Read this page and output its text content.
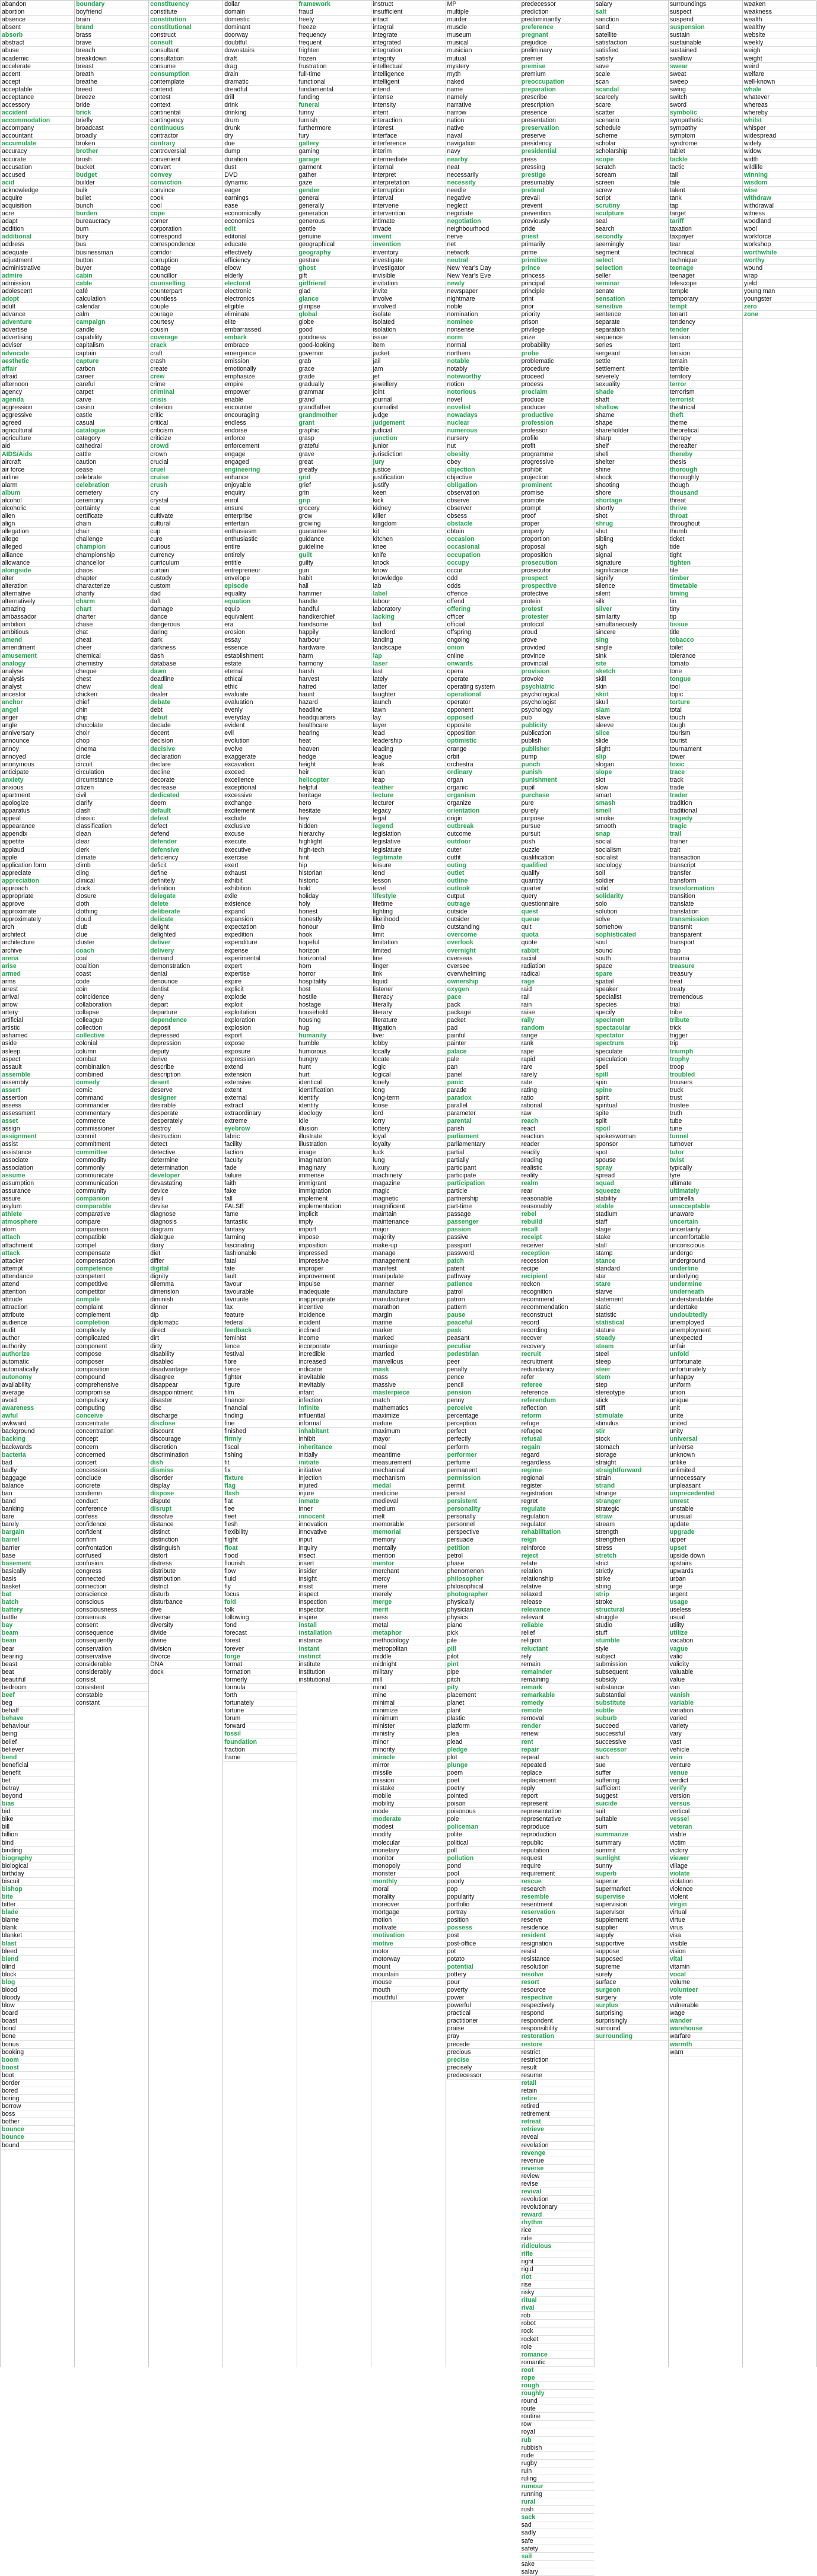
abandon
abortion
absence
absent
absorb
abstract
abuse
academic
accelerate
accent
accept
acceptable
acceptance
accessory
accident
accommodation
accompany
accountant
accumulate
accuracy
accurate
accusation
accused
acid
acknowledge
acquire
acquisition
acre
adapt
addition
additional
address
adequate
adjustment
administrative
admire
admission
adolescent
adopt
adult
advance
adventure
advertise
advertising
adviser
advocate
aesthetic
affair
afraid
afternoon
agency
agenda
aggression
aggressive
agreed
agricultural
agriculture
aid
AIDS/Aids
aircraft
air force
airline
alarm
album
alcohol
alcoholic
alien
align
allegation
allege
alleged
alliance
allowance
alongside
alter
alteration
alternative
alternatively
amazing
ambassador
ambition
ambitious
amend
amendment
amusement
analogy
analyse
analysis
analyst
ancestor
anchor
angel
anger
angle
anniversary
announce
annoy
annoyed
anonymous
anticipate
anxiety
anxious
apartment
apologize
apparatus
appeal
appearance
appendix
appetite
applaud
apple
application form
appreciate
appreciation
approach
appropriate
approve
approximate
approximately
arch
architect
architecture
archive
arena
arise
armed
arms
arrest
arrival
arrow
artery
artificial
artistic
ashamed
aside
asleep
aspect
assault
assemble
assembly
assert
assertion
assess
assessment
asset
assign
assignment
assist
assistance
associate
association
assume
assumption
assurance
assure
asylum
athlete
atmosphere
atom
attach
attachment
attack
attacker
attempt
attendance
attend
attention
attitude
attraction
attribute
audience
audit
author
authority
authorize
automatic
automatically
autonomy
availability
average
avoid
awareness
awful
awkward
background
backing
backwards
bacteria
bad
badly
baggage
balance
ban
band
banking
bare
barely
bargain
barrel
barrier
base
basement
basically
basis
basket
bat
batch
battery
battle
bay
beam
bean
bear
bearing
beast
beat
beautiful
bedroom
beef
beg
behalf
behave
behaviour
being
belief
believer
bend
beneficial
benefit
bet
betray
beyond
bias
bid
bike
bill
billion
bind
binding
biography
biological
birthday
biscuit
bishop
bite
bitter
blade
blame
blank
blanket
blast
bleed
blend
blind
block
blog
blood
bloody
blow
board
boast
bond
bone
bonus
booking
boom
boost
boot
border
bored
boring
borrow
boss
bother
bounce
bounce
bound
boundary
boyfriend
brain
brand
brass
brave
breach
breakdown
breast
breath
breathe
breed
breeze
bride
brick
briefly
broadcast
broadly
broken
brother
brush
bucket
budget
builder
bulk
bullet
bunch
burden
bureaucracy
burn
bury
bus
businessman
button
buyer
cabin
cable
café
calculation
calendar
calm
campaign
candle
capability
capitalism
captain
capture
carbon
career
careful
carpet
carve
casino
castle
casual
catalogue
category
cathedral
cattle
caution
cease
celebrate
celebration
cemetery
ceremony
certainty
certificate
chain
chair
challenge
champion
championship
chancellor
chaos
chapter
characterize
charity
charm
chart
charter
chase
chat
cheat
cheer
chemical
chemistry
cheque
chest
chew
chicken
chief
chin
chip
chocolate
choir
chop
cinema
circle
circuit
circulation
circumstance
citizen
civil
clarify
clash
classic
classification
clean
clear
clerk
climate
climb
cling
clinical
clock
closure
cloth
clothing
cloud
club
clue
cluster
coach
coal
coalition
coast
code
coin
coincidence
collaboration
collapse
colleague
collection
collective
colonial
column
combat
combination
combined
comedy
comic
command
commander
commentary
commerce
commissioner
commit
commitment
committee
commodity
commonly
communicate
communication
community
companion
comparable
comparative
compare
comparison
compatible
compel
compensate
compensation
competence
competent
competitive
competitor
compile
complaint
complement
completion
complexity
complicated
component
compose
composer
composition
compound
comprehensive
compromise
compulsory
computing
conceive
concentrate
concentration
concept
concern
concerned
concert
concession
conclude
concrete
condemn
conduct
conference
confess
confidence
confident
confirm
confrontation
confused
confusion
congress
connected
connection
conscience
conscious
consciousness
consensus
consent
consequence
consequently
conservation
conservative
considerable
considerably
consist
consistent
constable
constant
constituency
constitute
constitution
constitutional
construct
consult
consultant
consultation
consume
consumption
contemplate
contend
contest
context
continental
contingency
continuous
contractor
contrary
controversial
convenient
convert
convey
conviction
convince
cook
cool
cope
corner
corporation
correspond
correspondence
corridor
corruption
cottage
councillor
counselling
counterpart
countless
couple
courage
courtesy
cousin
coverage
crack
craft
crash
create
crew
crime
criminal
crisis
criterion
critic
critical
criticism
criticize
crowd
crown
crucial
cruel
cruise
crush
cry
crystal
cue
cultivate
cultural
cup
cure
curious
currency
curriculum
curtain
custody
custom
dad
daft
damage
dance
dangerous
daring
dark
darkness
dash
database
dawn
deadline
deal
dealer
debate
debt
debut
decade
decent
decision
decisive
declaration
declare
decline
decorate
decrease
dedicated
deem
default
defeat
defect
defend
defender
defensive
deficiency
deficit
define
definitely
definition
delegate
delete
deliberate
delicate
delight
delighted
deliver
delivery
demand
demonstration
denial
denounce
dentist
deny
depart
departure
dependence
deposit
depressed
depression
deputy
derive
describe
description
desert
deserve
designer
desirable
desperate
desperately
destroy
destruction
detect
detective
determine
determination
developer
devastating
device
devil
devise
diagnose
diagnosis
diagram
dialogue
diary
diet
differ
digital
dignity
dilemma
dimension
diminish
dinner
dip
diplomatic
direct
dirt
dirty
disability
disabled
disadvantage
disagree
disappear
disappointment
disaster
disc
discharge
disclose
discount
discourage
discretion
discrimination
dish
dismiss
disorder
display
dispose
dispute
disrupt
dissolve
distance
distinct
distinction
distinguish
distort
distress
distribute
distribution
district
disturb
disturbance
dive
diverse
diversity
divide
divine
division
divorce
DNA
dock
dollar
domain
domestic
dominant
doorway
doubtful
downstairs
draft
drag
drain
dramatic
dreadful
drill
drink
drinking
drum
drunk
dry
due
dump
duration
dust
DVD
dynamic
eager
earnings
ease
economically
economics
edit
editorial
educate
effectively
efficiency
elbow
elderly
electoral
electronic
electronics
eligible
eliminate
elite
embarrassed
embark
embrace
emergence
emission
emotionally
emphasize
empire
empower
enable
encounter
encouraging
endless
endorse
enforce
enforcement
engage
engaged
engineering
enhance
enjoyable
enquiry
enrol
ensure
enterprise
entertain
enthusiasm
enthusiastic
entire
entirely
entitle
entrepreneur
envelope
episode
equality
equation
equip
equivalent
era
erosion
essay
essence
establishment
estate
eternal
ethical
ethic
evaluate
evaluation
evenly
everyday
evident
evil
evolution
evolve
exaggerate
excavation
exceed
excellence
exceptional
excessive
exchange
excitement
exclude
exclusive
excuse
execute
executive
exercise
exert
exhaust
exhibit
exhibition
exile
existence
expand
expansion
expectation
expedition
expenditure
expense
experimental
expert
expertise
expire
explicit
explode
exploit
exploitation
exploration
explosion
export
expose
exposure
expression
extend
extension
extensive
extent
external
extract
extraordinary
extreme
eyebrow
fabric
facility
faction
faculty
fade
failure
faith
fake
fall
FALSE
fame
fantastic
fantasy
farming
fascinating
fashionable
fatal
fate
fault
favour
favourable
favourite
fax
feature
federal
feedback
feminist
fence
festival
fibre
fierce
fighter
figure
film
finance
financial
finding
fine
finished
firmly
fiscal
fishing
fit
fix
fixture
flag
flash
flat
flee
fleet
flesh
flexibility
flight
float
flood
flourish
flow
fluid
fly
focus
fold
folk
following
fond
forecast
forest
forever
forge
format
formation
formerly
formula
forth
fortunately
fortune
forum
forward
fossil
foundation
fraction
frame
framework
fraud
freely
freeze
frequency
frequent
frighten
frozen
frustration
full-time
functional
fundamental
funding
funeral
funny
furnish
furthermore
fury
gallery
gaming
garage
garment
gather
gaze
gender
general
generally
generation
generous
gentle
genuine
geographical
geography
gesture
ghost
gift
girlfriend
glad
glance
glimpse
global
globe
good
goodness
good-looking
governor
grab
grace
grade
gradually
grammar
grand
grandfather
grandmother
grant
graphic
grasp
grateful
grave
great
greatly
grid
grief
grin
grip
grocery
grow
growing
guarantee
guidance
guideline
guilt
guilty
gun
habit
hall
hammer
handle
handful
handkerchief
handsome
happily
harbour
hardware
harm
harmony
harsh
harvest
hatred
haunt
hazard
headline
headquarters
healthcare
hearing
heat
heaven
hedge
height
heir
helicopter
helpful
heritage
hero
hesitate
hey
hidden
hierarchy
highlight
high-tech
hint
hip
historian
historic
hold
holiday
holy
honest
honestly
honour
hook
hopeful
horizon
horizontal
horn
horror
hospitality
host
hostile
hostage
household
housing
hug
humanity
humble
humorous
hungry
hunt
hurt
identical
identification
identify
identity
ideology
idle
illusion
illustrate
illustration
image
imagination
imaginary
immense
immigrant
immigration
implement
implementation
implicit
imply
import
impose
imposition
impressed
impressive
improper
improvement
impulse
inadequate
inappropriate
incentive
incidence
incident
inclined
income
incorporate
incredible
increased
indicator
inevitable
inevitably
infant
infection
infinite
influential
informal
inhabitant
inhibit
inheritance
initially
initiate
initiative
injection
injured
injure
inmate
inner
innocent
innovation
innovative
input
inquiry
insect
insert
insider
insight
insist
inspect
inspection
inspector
inspire
install
installation
instance
instant
instinct
institute
institution
institutional
instruct
insufficient
intact
integral
integrate
integrated
integration
integrity
intellectual
intelligence
intelligent
intend
intense
intensity
intent
interaction
interest
interface
interference
interim
intermediate
internal
interpret
interpretation
interruption
interval
intervene
intervention
intimate
invade
invent
invention
inventory
investigate
investigator
invisible
invitation
invite
involve
involved
isolate
isolated
isolation
issue
item
jacket
jail
jam
jet
jewellery
joint
journal
journalist
judge
judgement
judicial
junction
junior
jurisdiction
jury
justice
justification
justify
keen
kick
kidney
killer
kingdom
kit
kitchen
knee
knife
knock
know
knowledge
lab
label
labour
laboratory
lacking
lad
landlord
landing
landscape
lap
laser
last
lately
latter
laughter
launch
lawn
lay
layer
lead
leadership
leading
league
leak
lean
leap
leather
lecture
lecturer
legacy
legal
legend
legislation
legislative
legislature
legitimate
leisure
lend
lesson
level
lifestyle
lifetime
lighting
likelihood
limb
limit
limitation
limited
line
linger
link
liquid
listener
literacy
literally
literary
literature
litigation
liver
lobby
locally
locate
logic
logical
lonely
long
long-term
loose
lord
lorry
lottery
loyal
loyalty
luck
lung
luxury
machinery
magazine
magic
magnetic
magnificent
maintain
maintenance
major
majority
make-up
manage
management
manifest
manipulate
manner
manufacture
manufacturer
marathon
margin
marine
marker
marked
marriage
married
marvellous
mask
mass
massive
masterpiece
match
mathematics
maximize
mature
maximum
mayor
meal
meantime
measurement
mechanical
mechanism
medal
medicine
medieval
medium
melt
memorable
memorial
memory
mentally
mention
mentor
merchant
mercy
mere
merely
merge
merit
mess
metal
metaphor
methodology
metropolitan
middle
midnight
military
mill
mind
mine
minimal
minimize
minimum
minister
ministry
minor
minority
miracle
mirror
missile
mission
mistake
mobile
mobility
mode
moderate
modest
modify
molecular
monetary
monitor
monopoly
monster
monthly
moral
morality
moreover
mortgage
motion
motivate
motivation
motive
motor
motorway
mount
mountain
mouse
mouth
mouthful
MP
multiple
murder
muscle
museum
musical
musician
mutual
mystery
myth
naked
name
namely
narrative
narrow
nation
native
naval
navigation
navy
nearby
neat
necessarily
necessity
needle
negative
neglect
negotiate
negotiation
neighbourhood
nerve
net
network
neutral
New Year's Day
New Year's Eve
newly
newspaper
nightmare
noble
nomination
nominee
nonsense
norm
normal
northern
notable
notably
noteworthy
notion
notorious
novel
novelist
nowadays
nuclear
numerous
nursery
nut
obesity
obey
objection
objective
obligation
observation
observe
observer
obsess
obstacle
obtain
occasion
occasional
occupation
occupy
occur
odd
odds
offence
offend
offering
officer
official
offspring
ongoing
onion
online
onwards
opera
operate
operating system
operational
operator
opponent
opposed
opposite
opposition
optimistic
orange
orbit
orchestra
ordinary
organ
organic
organism
organize
orientation
origin
outbreak
outcome
outdoor
outer
outfit
outing
outlet
outline
outlook
output
outrage
outside
outsider
outstanding
overcome
overlook
overnight
overseas
oversee
overwhelming
ownership
oxygen
pace
pack
package
packet
pad
painful
painter
palace
pale
pan
panel
panic
parade
paradox
parallel
parameter
parental
parish
parliament
parliamentary
partial
partially
participant
participate
participation
particle
partnership
part-time
passage
passenger
passion
passive
passport
password
patch
patent
pathway
patience
patrol
patron
pattern
pause
peaceful
peak
peasant
peculiar
pedestrian
peer
penalty
pence
pencil
pension
penny
perceive
percentage
perception
perfect
perfectly
perform
performer
perfume
permanent
permission
permit
persist
persistent
personality
personally
personnel
perspective
persuade
petition
petrol
phase
phenomenon
philosopher
philosophical
photographer
physically
physician
physics
piano
pick
pile
pill
pilot
pint
pipe
pitch
pity
placement
planet
plant
plastic
platform
plea
plead
pledge
plot
plunge
poem
poet
poetry
pointed
poison
poisonous
pole
policeman
polite
political
poll
pollution
pond
pool
poorly
pop
popularity
portfolio
portray
position
possess
post
post-office
pot
potato
potential
pottery
pour
poverty
power
powerful
practical
practitioner
praise
pray
precede
precious
precise
precisely
predecessor
predecessor
prediction
predominantly
preference
pregnant
prejudice
preliminary
premier
premise
premium
preoccupation
preparation
prescribe
prescription
presence
presentation
preservation
preserve
presidency
presidential
press
pressing
prestige
presumably
pretend
prevail
prevent
prevention
previously
pride
priest
primarily
prime
primitive
prince
princess
principal
principle
print
prior
priority
prison
privilege
prize
probability
probe
problematic
procedure
proceed
process
proclaim
produce
producer
productive
profession
professor
profile
profit
programme
progressive
prohibit
projection
prominent
promise
promote
prompt
proof
proper
properly
proportion
proposal
proposition
prosecution
prosecutor
prospect
prospective
protective
protein
protest
protester
protocol
proud
prove
provided
province
provincial
provision
provoke
psychiatric
psychological
psychologist
psychology
pub
publicity
publication
publish
publisher
pump
punch
punish
punishment
pupil
purchase
pure
purely
purpose
pursue
pursuit
push
puzzle
qualification
qualified
qualify
quantity
quarter
query
questionnaire
quest
queue
quit
quota
quote
rabbit
racial
radiation
radical
rage
raid
rail
rain
raise
rally
random
range
rank
rape
rapid
rare
rarely
rate
rating
ratio
rational
raw
reach
react
reaction
reader
readily
reading
realistic
reality
realm
rear
reasonable
reasonably
rebel
rebuild
recall
receipt
receiver
reception
recession
recipe
recipient
reckon
recognition
recommend
recommendation
reconstruct
record
recording
recover
recovery
recruit
recruitment
redundancy
refer
referee
reference
referendum
reflection
reform
refuge
refugee
refusal
regain
regard
regardless
regime
regional
register
registration
regret
regulate
regulation
regulator
rehabilitation
reign
reinforce
reject
relate
relation
relationship
relative
relaxed
release
relevance
relevant
reliable
relief
religion
reluctant
rely
remain
remainder
remaining
remark
remarkable
remedy
remote
removal
render
renew
rent
repair
repeat
repeated
replace
replacement
reply
report
represent
representation
representative
reproduce
reproduction
republic
reputation
request
require
requirement
rescue
research
resemble
resentment
reservation
reserve
residence
resident
resignation
resist
resistance
resolution
resolve
resort
resource
respective
respectively
respond
respondent
responsibility
restoration
restore
restrict
restriction
result
resume
retail
retain
retire
retired
retirement
retreat
retrieve
reveal
revelation
revenge
revenue
reverse
review
revise
revival
revolution
revolutionary
reward
rhythm
rice
ride
ridiculous
rifle
right
rigid
riot
rise
risky
ritual
rival
rob
robot
rock
rocket
role
romance
romantic
root
rope
rough
roughly
round
route
routine
row
royal
rub
rubbish
rude
rugby
ruin
ruling
rumour
running
rural
rush
sack
sad
sadly
safe
safety
sail
sake
salary
salary
salt
sanction
sand
satellite
satisfaction
satisfied
satisfy
save
scale
scan
scandal
scarcely
scare
scatter
scenario
schedule
scheme
scholar
scholarship
scope
scratch
scream
screen
screw
script
scrutiny
sculpture
seal
search
secondly
seemingly
segment
select
selection
seller
seminar
senate
sensation
sensitive
sentence
separate
separation
sequence
series
sergeant
settle
settlement
severely
sexuality
shade
shaft
shallow
shame
shape
shareholder
sharp
shelf
shell
shelter
shine
shock
shooting
shore
shortage
shortly
shot
shrug
shut
sibling
sigh
signal
signature
significance
signify
silence
silent
silk
silver
similarity
simultaneously
sincere
sing
single
sink
site
sketch
skill
skin
skirt
skull
slam
slave
sleeve
slice
slide
slight
slip
slogan
slope
slot
slow
smart
smash
smell
smoke
smooth
snap
social
socialism
socialist
sociology
soil
soldier
solid
solidarity
solo
solution
solve
somehow
sophisticated
soul
sound
south
space
spare
spatial
speaker
specialist
species
specify
specimen
spectacular
spectator
spectrum
speculate
speculation
spell
spill
spin
spine
spirit
spiritual
spite
split
spoil
spokeswoman
sponsor
spot
spouse
spray
spread
squad
squeeze
stability
stable
stadium
staff
stage
stake
stall
stamp
stance
standard
star
stare
starve
statement
static
statistic
statistical
stature
steady
steam
steel
steep
steer
stem
step
stereotype
stick
stiff
stimulate
stimulus
stir
stock
stomach
storage
straight
straightforward
strain
strand
strange
stranger
strategic
straw
stream
strength
strengthen
stress
stretch
strict
strictly
strike
string
strip
stroke
structural
struggle
studio
stuff
stumble
style
subject
submission
subsequent
subsidy
substance
substantial
substitute
subtle
suburb
succeed
successful
successive
successor
such
sue
suffer
suffering
sufficient
suggest
suicide
suit
suitable
sum
summarize
summary
summit
sunlight
sunny
superb
superior
supermarket
supervise
supervision
supervisor
supplement
supplier
supply
supportive
suppose
supposed
supreme
surely
surface
surgeon
surgery
surplus
surprising
surprisingly
surround
surrounding
surroundings
suspect
suspend
suspension
sustain
sustainable
sustained
swallow
swear
sweat
sweep
swing
switch
sword
symbolic
sympathetic
sympathy
symptom
syndrome
tablet
tackle
tactic
tail
tale
talent
tank
tap
target
tariff
taxation
taxpayer
tear
technical
technique
teenage
teenager
telescope
temple
temporary
tempt
tenant
tendency
tender
tension
tent
tension
terrain
terrible
territory
terror
terrorism
terrorist
theatrical
theft
theme
theoretical
therapy
thereafter
thereby
thesis
thorough
thoroughly
though
thousand
threat
thrive
throat
throughout
thumb
ticket
tide
tight
tighten
tile
timber
timetable
timing
tin
tiny
tip
tissue
title
tobacco
toilet
tolerance
tomato
tone
tongue
tool
topic
torture
total
touch
tough
tourism
tourist
tournament
tower
toxic
trace
track
trade
trader
tradition
traditional
tragedy
tragic
trail
trainer
trait
transaction
transcript
transfer
transform
transformation
transition
translate
translation
transmission
transmit
transparent
transport
trap
trauma
treasure
treasury
treat
treaty
tremendous
trial
tribe
tribute
trick
trigger
trip
triumph
trophy
troop
troubled
trousers
truck
trust
trustee
truth
tube
tune
tunnel
turnover
tutor
twist
typically
tyre
ultimate
ultimately
umbrella
unacceptable
unaware
uncertain
uncertainty
uncomfortable
unconscious
undergo
underground
underline
underlying
undermine
underneath
understandable
undertake
undoubtedly
unemployed
unemployment
unexpected
unfair
unfold
unfortunate
unfortunately
unhappy
uniform
union
unique
unit
unite
united
unity
universal
universe
unknown
unlike
unlimited
unnecessary
unpleasant
unprecedented
unrest
unstable
unusual
update
upgrade
upper
upset
upside down
upstairs
upwards
urban
urge
urgent
usage
useless
usual
utility
utilize
vacation
vague
valid
validity
valuable
value
van
vanish
variable
variation
varied
variety
vary
vast
vehicle
vein
venture
venue
verdict
verify
version
versus
vertical
vessel
veteran
viable
victim
victory
viewer
village
violate
violation
violence
violent
virgin
virtual
virtue
virus
visa
visible
vision
vital
vitamin
vocal
volume
volunteer
vote
vulnerable
wage
wander
warehouse
warfare
warmth
warn
weaken
weakness
wealth
wealthy
website
weekly
weigh
weight
weird
welfare
well-known
whale
whatever
whereas
whereby
whilst
whisper
widespread
widely
widow
width
wildlife
winning
wisdom
wise
withdraw
withdrawal
witness
woodland
wool
workforce
workshop
worthwhile
worthy
wound
wrap
yield
young man
youngster
zero
zone
